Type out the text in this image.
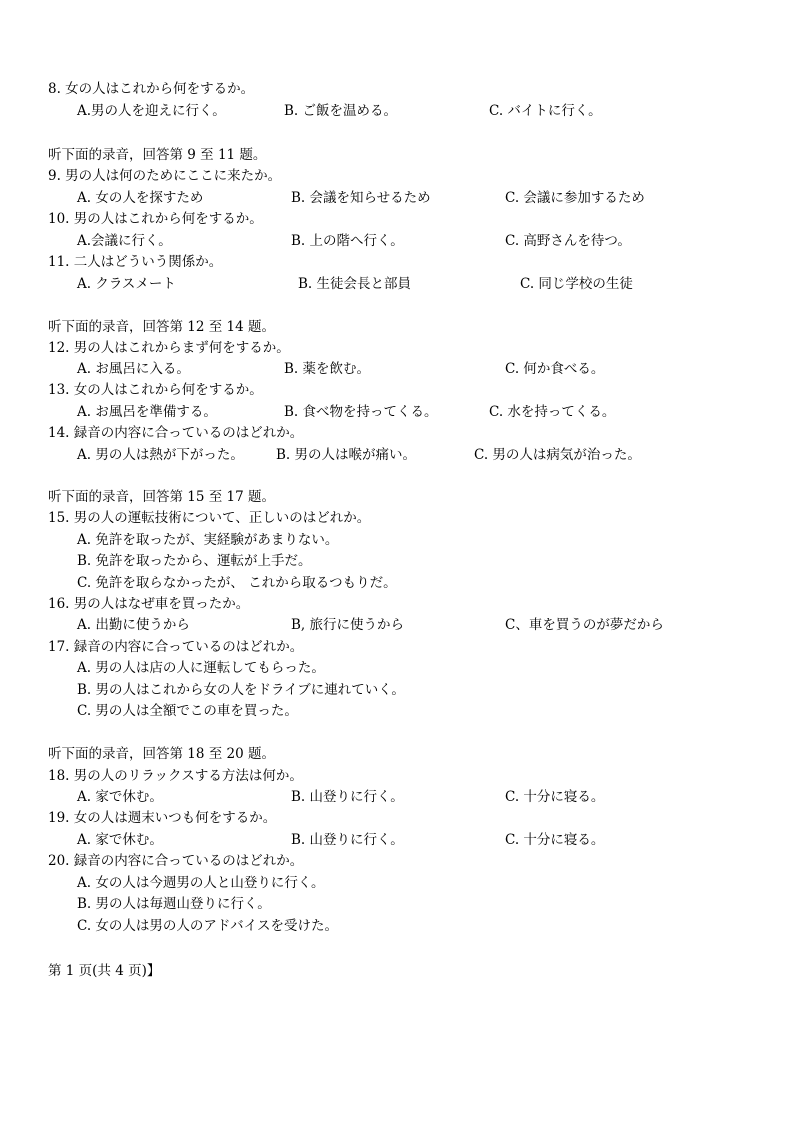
8. 女の人はこれから何をするか。
A.男の人を迎えに行く。	B. ご飯を温める。	C. バイトに行く。
听下面的录音，回答第 9 至 11 题。
9. 男の人は何のためにここに来たか。
A. 女の人を探すため	B. 会議を知らせるため	C. 会議に参加するため
10. 男の人はこれから何をするか。
A.会議に行く。	B. 上の階へ行く。	C. 高野さんを待つ。
11. 二人はどういう関係か。
A. クラスメート	B. 生徒会長と部員	C. 同じ学校の生徒
听下面的录音，回答第 12 至 14 题。
12. 男の人はこれからまず何をするか。
A. お風呂に入る。	B. 薬を飲む。	C. 何か食べる。
13. 女の人はこれから何をするか。
A. お風呂を準備する。	B. 食べ物を持ってくる。	C. 水を持ってくる。
14. 録音の内容に合っているのはどれか。
A. 男の人は熱が下がった。 B. 男の人は喉が痛い。	C. 男の人は病気が治った。
听下面的录音，回答第 15 至 17 题。
15. 男の人の運転技術について、正しいのはどれか。
A. 免許を取ったが、実経験があまりない。
B. 免許を取ったから、運転が上手だ。
C. 免許を取らなかったが、 これから取るつもりだ。
16. 男の人はなぜ車を買ったか。
A. 出勤に使うから	B, 旅行に使うから	C、車を買うのが夢だから
17. 録音の内容に合っているのはどれか。
A. 男の人は店の人に運転してもらった。
B. 男の人はこれから女の人をドライブに連れていく。
C. 男の人は全額でこの車を買った。
听下面的录音，回答第 18 至 20 题。
18. 男の人のリラックスする方法は何か。
A. 家で休む。	B. 山登りに行く。	C. 十分に寝る。
19. 女の人は週末いつも何をするか。
A. 家で休む。	B. 山登りに行く。	C. 十分に寝る。
20. 録音の内容に合っているのはどれか。
A. 女の人は今週男の人と山登りに行く。
B. 男の人は毎週山登りに行く。
C. 女の人は男の人のアドバイスを受けた。
第 1 页(共 4 页)】
